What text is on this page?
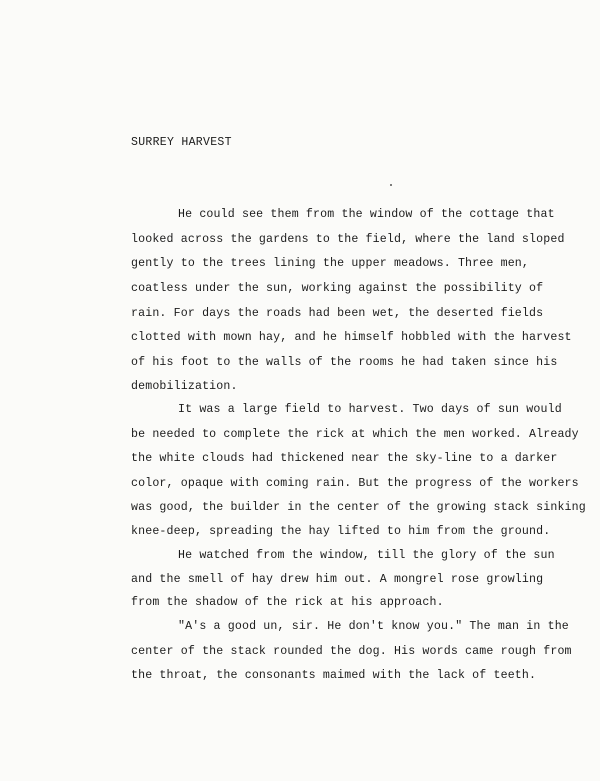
SURREY HARVEST
He could see them from the window of the cottage that
looked across the gardens to the field, where the land sloped
gently to the trees lining the upper meadows. Three men,
coatless under the sun, working against the possibility of
rain. For days the roads had been wet, the deserted fields
clotted with mown hay, and he himself hobbled with the harvest
of his foot to the walls of the rooms he had taken since his
demobilization.
It was a large field to harvest. Two days of sun would
be needed to complete the rick at which the men worked. Already
the white clouds had thickened near the sky-line to a darker
color, opaque with coming rain. But the progress of the workers
was good, the builder in the center of the growing stack sinking
knee-deep, spreading the hay lifted to him from the ground.
He watched from the window, till the glory of the sun
and the smell of hay drew him out. A mongrel rose growling
from the shadow of the rick at his approach.
"A's a good un, sir. He don't know you." The man in the
center of the stack rounded the dog. His words came rough from
the throat, the consonants maimed with the lack of teeth.
